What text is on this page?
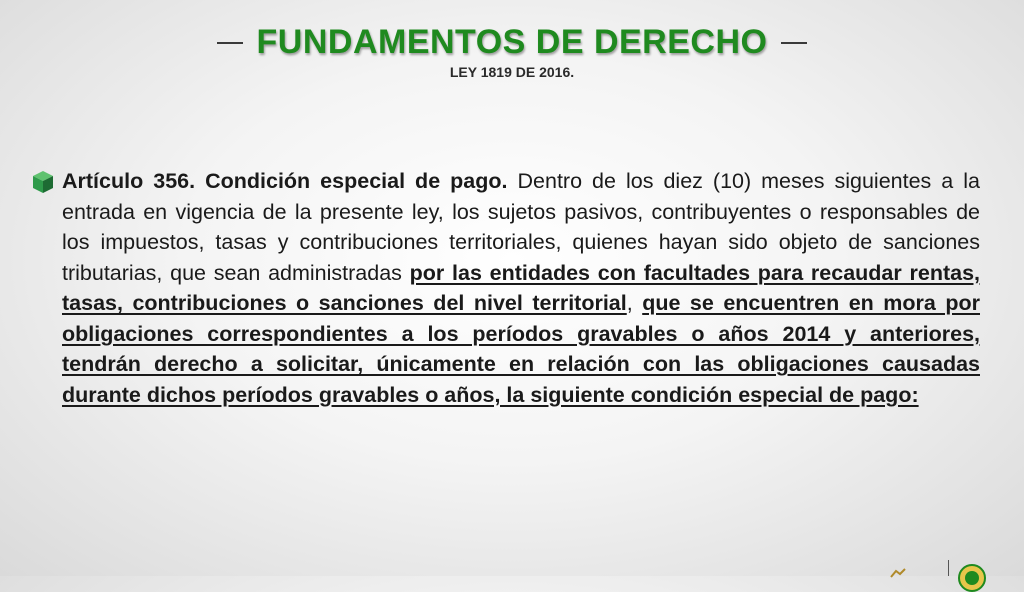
FUNDAMENTOS DE DERECHO
LEY 1819 DE 2016.
Artículo 356. Condición especial de pago. Dentro de los diez (10) meses siguientes a la entrada en vigencia de la presente ley, los sujetos pasivos, contribuyentes o responsables de los impuestos, tasas y contribuciones territoriales, quienes hayan sido objeto de sanciones tributarias, que sean administradas por las entidades con facultades para recaudar rentas, tasas, contribuciones o sanciones del nivel territorial, que se encuentren en mora por obligaciones correspondientes a los períodos gravables o años 2014 y anteriores, tendrán derecho a solicitar, únicamente en relación con las obligaciones causadas durante dichos períodos gravables o años, la siguiente condición especial de pago:
